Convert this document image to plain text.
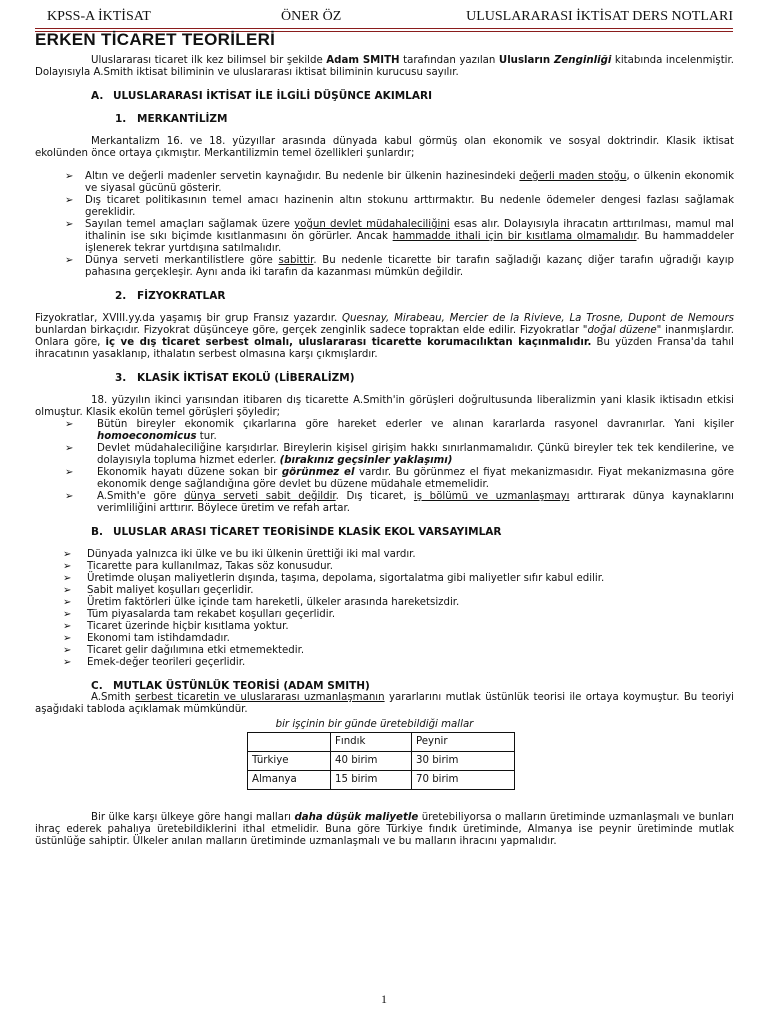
KPSS-A İKTİSAT	ÖNER ÖZ	ULUSLARARASI İKTİSAT DERS NOTLARI
ERKEN TİCARET TEORİLERİ

Uluslararası ticaret ilk kez bilimsel bir şekilde Adam SMITH tarafından yazılan Ulusların Zenginliği kitabında incelenmiştir. Dolayısıyla A.Smith iktisat biliminin ve uluslararası iktisat biliminin kurucusu sayılır.

A. ULUSLARARASI İKTİSAT İLE İLGİLİ DÜŞÜNCE AKIMLARI

1. MERKANTİLİZM

Merkantalizm 16. ve 18. yüzyıllar arasında dünyada kabul görmüş olan ekonomik ve sosyal doktrindir. Klasik iktisat ekolünden önce ortaya çıkmıştır. Merkantilizmin temel özellikleri şunlardır;

➢ Altın ve değerli madenler servetin kaynağıdır. Bu nedenle bir ülkenin hazinesindeki değerli maden stoğu, o ülkenin ekonomik ve siyasal gücünü gösterir.
➢ Dış ticaret politikasının temel amacı hazinenin altın stokunu arttırmaktır. Bu nedenle ödemeler dengesi fazlası sağlamak gereklidir.
➢ Sayılan temel amaçları sağlamak üzere yoğun devlet müdahaleciliğini esas alır. Dolayısıyla ihracatın arttırılması, mamul mal ithalinin ise sıkı biçimde kısıtlanmasını ön görürler. Ancak hammadde ithali için bir kısıtlama olmamalıdır. Bu hammaddeler işlenerek tekrar yurtdışına satılmalıdır.
➢ Dünya serveti merkantilistlere göre sabittir. Bu nedenle ticarette bir tarafın sağladığı kazanç diğer tarafın uğradığı kayıp pahasına gerçekleşir. Aynı anda iki tarafın da kazanması mümkün değildir.

2. FİZYOKRATLAR

Fizyokratlar, XVIII.yy.da yaşamış bir grup Fransız yazardır. Quesnay, Mirabeau, Mercier de la Rivieve, La Trosne, Dupont de Nemours bunlardan birkaçıdır. Fizyokrat düşünceye göre, gerçek zenginlik sadece topraktan elde edilir. Fizyokratlar "doğal düzene" inanmışlardır. Onlara göre, iç ve dış ticaret serbest olmalı, uluslararası ticarette korumacılıktan kaçınmalıdır. Bu yüzden Fransa'da tahıl ihracatının yasaklanıp, ithalatın serbest olmasına karşı çıkmışlardır.

3. KLASİK İKTİSAT EKOLÜ (LİBERALİZM)

18. yüzyılın ikinci yarısından itibaren dış ticarette A.Smith'in görüşleri doğrultusunda liberalizmin yani klasik iktisadın etkisi olmuştur. Klasik ekolün temel görüşleri şöyledir;

➢ Bütün bireyler ekonomik çıkarlarına göre hareket ederler ve alınan kararlarda rasyonel davranırlar. Yani kişiler homoeconomicus tur.
➢ Devlet müdahaleciliğine karşıdırlar. Bireylerin kişisel girişim hakkı sınırlanmamalıdır. Çünkü bireyler tek tek kendilerine, ve dolayısıyla topluma hizmet ederler. (bırakınız geçsinler yaklaşımı)
➢ Ekonomik hayatı düzene sokan bir görünmez el vardır. Bu görünmez el fiyat mekanizmasıdır. Fiyat mekanizmasına göre ekonomik denge sağlandığına göre devlet bu düzene müdahale etmemelidir.
➢ A.Smith'e göre dünya serveti sabit değildir. Dış ticaret, iş bölümü ve uzmanlaşmayı arttırarak dünya kaynaklarını verimliliğini arttırır. Böylece üretim ve refah artar.

B. ULUSLAR ARASI TİCARET TEORİSİNDE KLASİK EKOL VARSAYIMLAR

➢ Dünyada yalnızca iki ülke ve bu iki ülkenin ürettiği iki mal vardır.
➢ Ticarette para kullanılmaz, Takas söz konusudur.
➢ Üretimde oluşan maliyetlerin dışında, taşıma, depolama, sigortalatma gibi maliyetler sıfır kabul edilir.
➢ Sabit maliyet koşulları geçerlidir.
➢ Üretim faktörleri ülke içinde tam hareketli, ülkeler arasında hareketsizdir.
➢ Tüm piyasalarda tam rekabet koşulları geçerlidir.
➢ Ticaret üzerinde hiçbir kısıtlama yoktur.
➢ Ekonomi tam istihdamdadır.
➢ Ticaret gelir dağılımına etki etmemektedir.
➢ Emek-değer teorileri geçerlidir.

C. MUTLAK ÜSTÜNLÜK TEORİSİ (ADAM SMITH)

A.Smith serbest ticaretin ve uluslararası uzmanlaşmanın yararlarını mutlak üstünlük teorisi ile ortaya koymuştur. Bu teoriyi aşağıdaki tabloda açıklamak mümkündür.

bir işçinin bir günde üretebildiği mallar
	Fındık	Peynir
Türkiye	40 birim	30 birim
Almanya	15 birim	70 birim

Bir ülke karşı ülkeye göre hangi malları daha düşük maliyetle üretebiliyorsa o malların üretiminde uzmanlaşmalı ve bunları ihraç ederek pahalıya üretebildiklerini ithal etmelidir. Buna göre Türkiye fındık üretiminde, Almanya ise peynir üretiminde mutlak üstünlüğe sahiptir. Ülkeler anılan malların üretiminde uzmanlaşmalı ve bu malların ihracını yapmalıdır.

1
